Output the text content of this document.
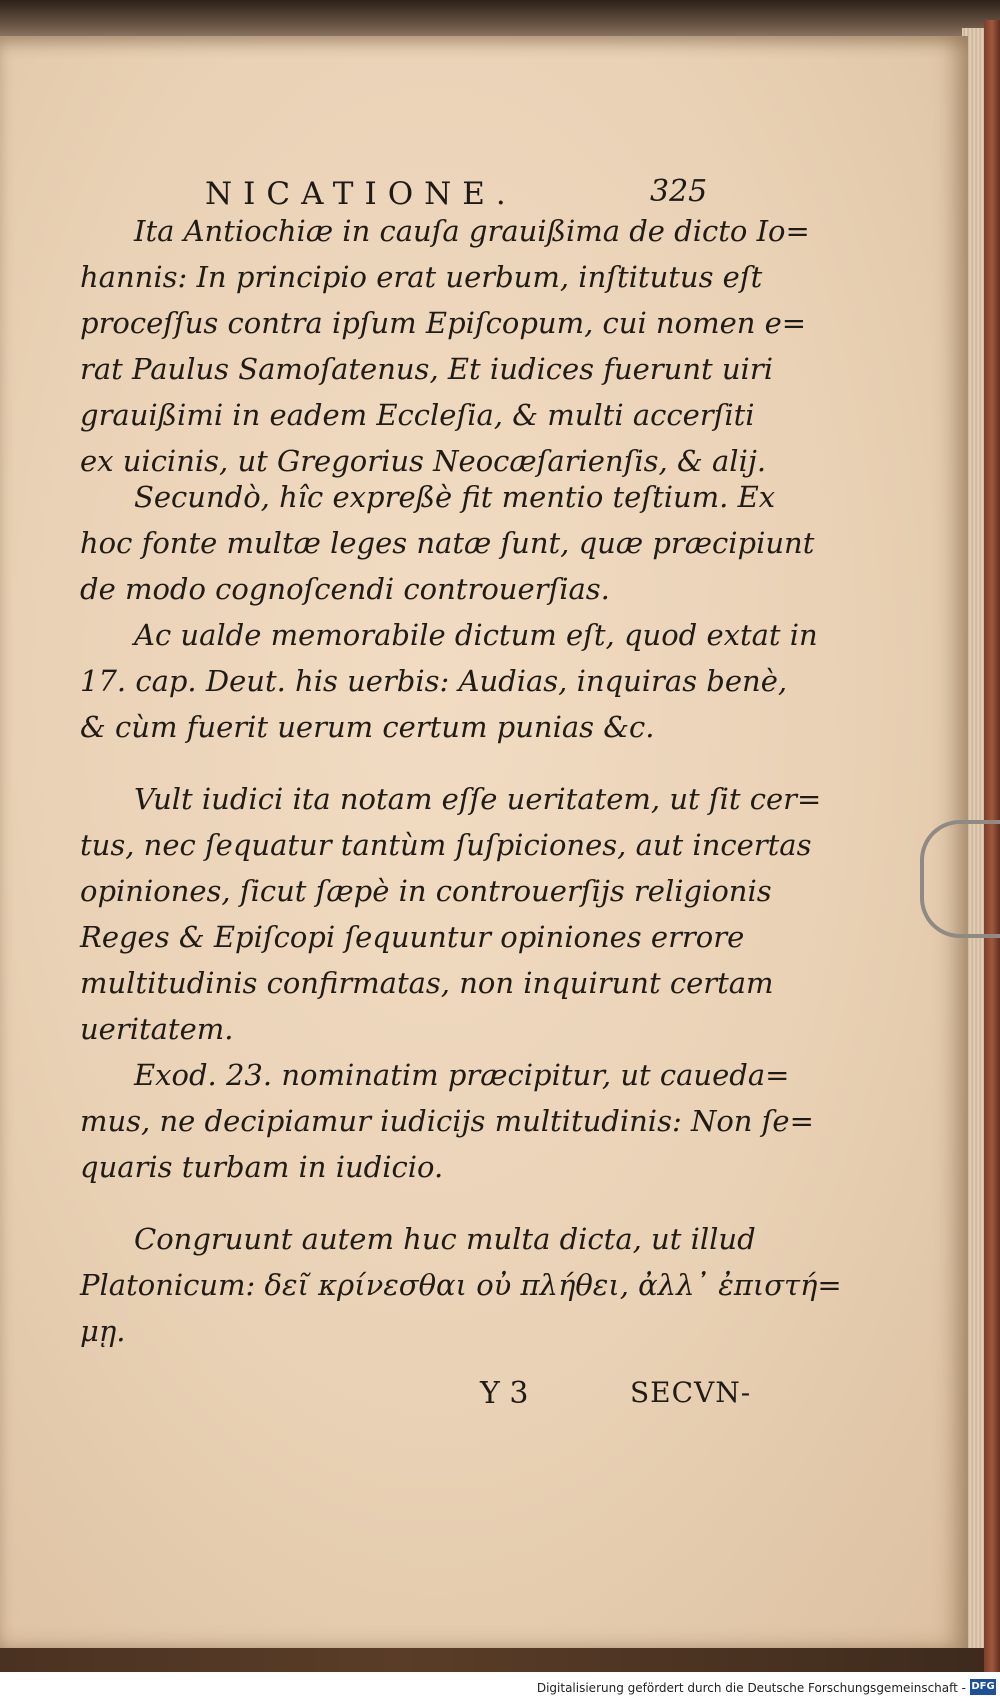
NICATIONE.	325
Ita Antiochiæ in cauſa grauißima de dicto Io=
hannis: In principio erat uerbum, inſtitutus eſt
proceſſus contra ipſum Epiſcopum, cui nomen e=
rat Paulus Samoſatenus, Et iudices fuerunt uiri
grauißimi in eadem Eccleſia, & multi accerſiti
ex uicinis, ut Gregorius Neocæſarienſis, & alij.
Secundò, hîc expreßè fit mentio teſtium. Ex
hoc fonte multæ leges natæ ſunt, quæ præcipiunt
de modo cognoſcendi controuerſias.
Ac ualde memorabile dictum eſt, quod extat in
17. cap. Deut. his uerbis: Audias, inquiras benè,
& cùm fuerit uerum certum punias &c.
Vult iudici ita notam eſſe ueritatem, ut ſit cer=
tus, nec ſequatur tantùm ſuſpiciones, aut incertas
opiniones, ſicut ſæpè in controuerſijs religionis
Reges & Epiſcopi ſequuntur opiniones errore
multitudinis confirmatas, non inquirunt certam
ueritatem.
Exod. 23. nominatim præcipitur, ut caueda=
mus, ne decipiamur iudicijs multitudinis: Non ſe=
quaris turbam in iudicio.
Congruunt autem huc multa dicta, ut illud
Platonicum: δεῖ κρίνεσθαι οὐ πλήθει, ἀλλ᾽ ἐπιστή=
μῃ.
Y 3	SECVN-
Digitalisierung gefördert durch die Deutsche Forschungsgemeinschaft - DFG
